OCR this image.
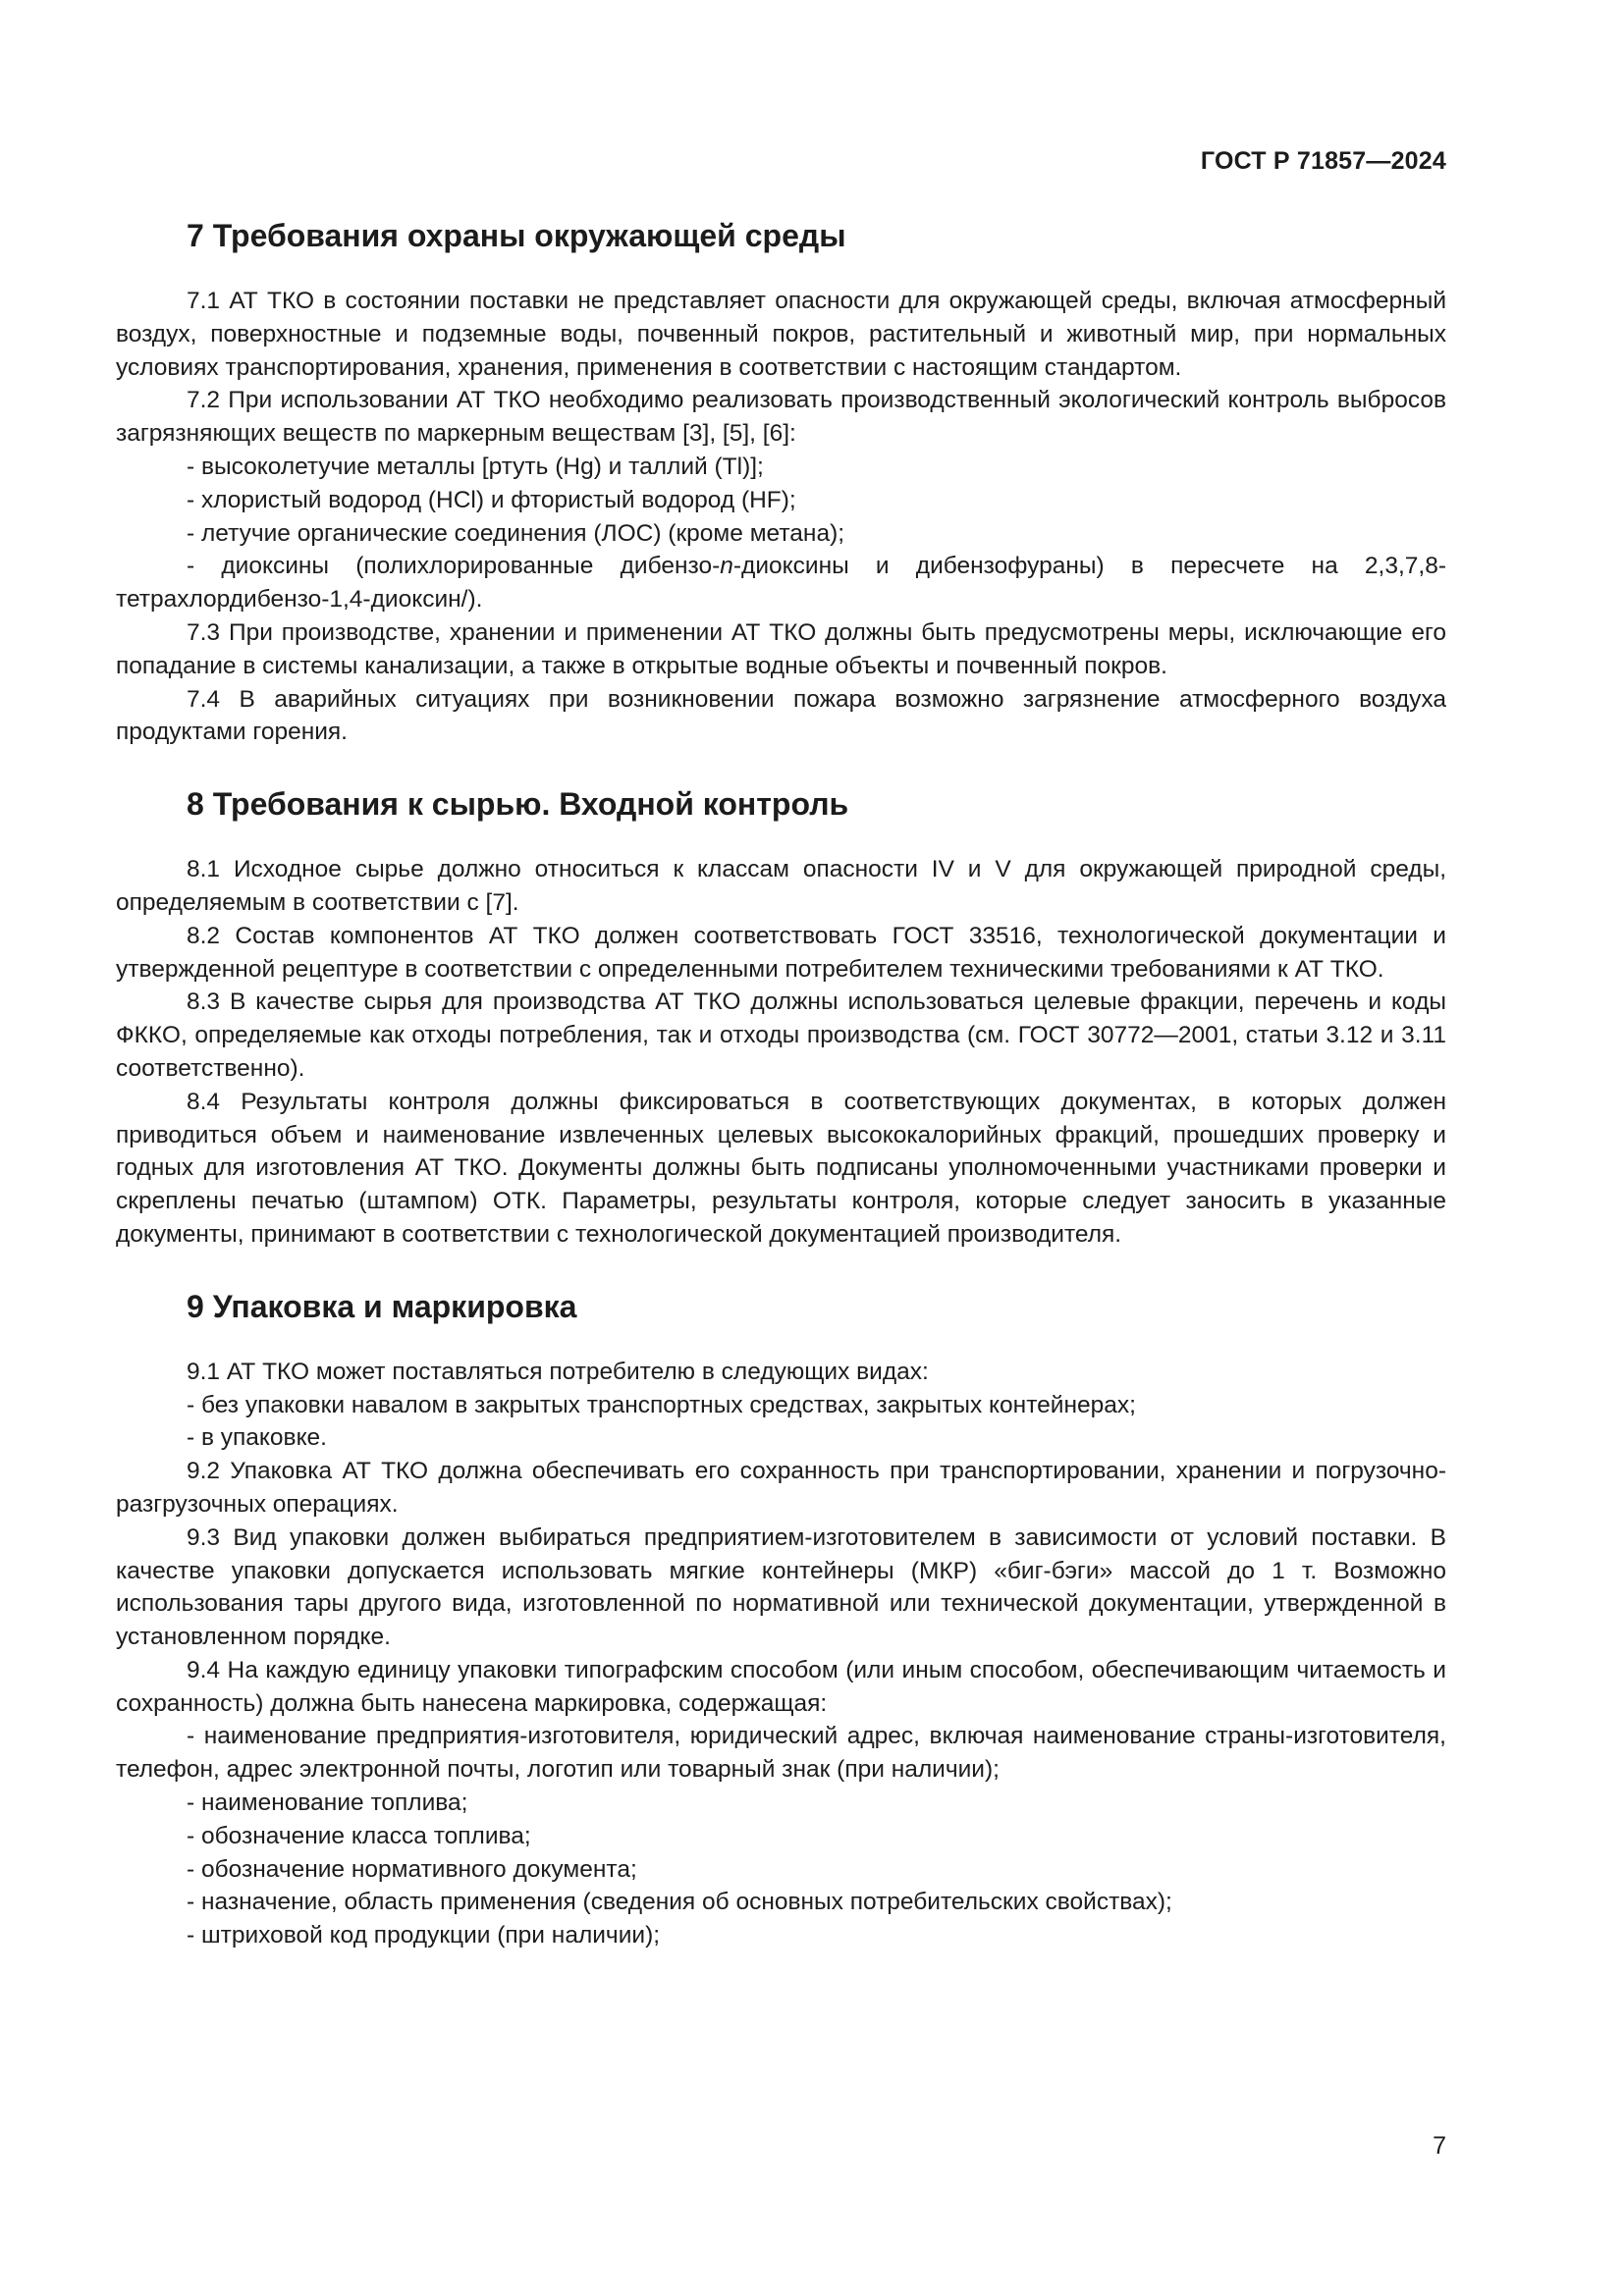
ГОСТ Р 71857—2024
7 Требования охраны окружающей среды

7.1 АТ ТКО в состоянии поставки не представляет опасности для окружающей среды, включая атмосферный воздух, поверхностные и подземные воды, почвенный покров, растительный и животный мир, при нормальных условиях транспортирования, хранения, применения в соответствии с настоящим стандартом.

7.2 При использовании АТ ТКО необходимо реализовать производственный экологический контроль выбросов загрязняющих веществ по маркерным веществам [3], [5], [6]:

- высоколетучие металлы [ртуть (Hg) и таллий (Tl)];

- хлористый водород (HCl) и фтористый водород (HF);

- летучие органические соединения (ЛОС) (кроме метана);

- диоксины (полихлорированные дибензо-n-диоксины и дибензофураны) в пересчете на 2,3,7,8-тетрахлордибензо-1,4-диоксин/).

7.3 При производстве, хранении и применении АТ ТКО должны быть предусмотрены меры, исключающие его попадание в системы канализации, а также в открытые водные объекты и почвенный покров.

7.4 В аварийных ситуациях при возникновении пожара возможно загрязнение атмосферного воздуха продуктами горения.

8 Требования к сырью. Входной контроль

8.1 Исходное сырье должно относиться к классам опасности IV и V для окружающей природной среды, определяемым в соответствии с [7].

8.2 Состав компонентов АТ ТКО должен соответствовать ГОСТ 33516, технологической документации и утвержденной рецептуре в соответствии с определенными потребителем техническими требованиями к АТ ТКО.

8.3 В качестве сырья для производства АТ ТКО должны использоваться целевые фракции, перечень и коды ФККО, определяемые как отходы потребления, так и отходы производства (см. ГОСТ 30772—2001, статьи 3.12 и 3.11 соответственно).

8.4 Результаты контроля должны фиксироваться в соответствующих документах, в которых должен приводиться объем и наименование извлеченных целевых высококалорийных фракций, прошедших проверку и годных для изготовления АТ ТКО. Документы должны быть подписаны уполномоченными участниками проверки и скреплены печатью (штампом) ОТК. Параметры, результаты контроля, которые следует заносить в указанные документы, принимают в соответствии с технологической документацией производителя.

9 Упаковка и маркировка

9.1 АТ ТКО может поставляться потребителю в следующих видах:

- без упаковки навалом в закрытых транспортных средствах, закрытых контейнерах;

- в упаковке.

9.2 Упаковка АТ ТКО должна обеспечивать его сохранность при транспортировании, хранении и погрузочно-разгрузочных операциях.

9.3 Вид упаковки должен выбираться предприятием-изготовителем в зависимости от условий поставки. В качестве упаковки допускается использовать мягкие контейнеры (МКР) «биг-бэги» массой до 1 т. Возможно использования тары другого вида, изготовленной по нормативной или технической документации, утвержденной в установленном порядке.

9.4 На каждую единицу упаковки типографским способом (или иным способом, обеспечивающим читаемость и сохранность) должна быть нанесена маркировка, содержащая:

- наименование предприятия-изготовителя, юридический адрес, включая наименование страны-изготовителя, телефон, адрес электронной почты, логотип или товарный знак (при наличии);

- наименование топлива;

- обозначение класса топлива;

- обозначение нормативного документа;

- назначение, область применения (сведения об основных потребительских свойствах);

- штриховой код продукции (при наличии);

7
